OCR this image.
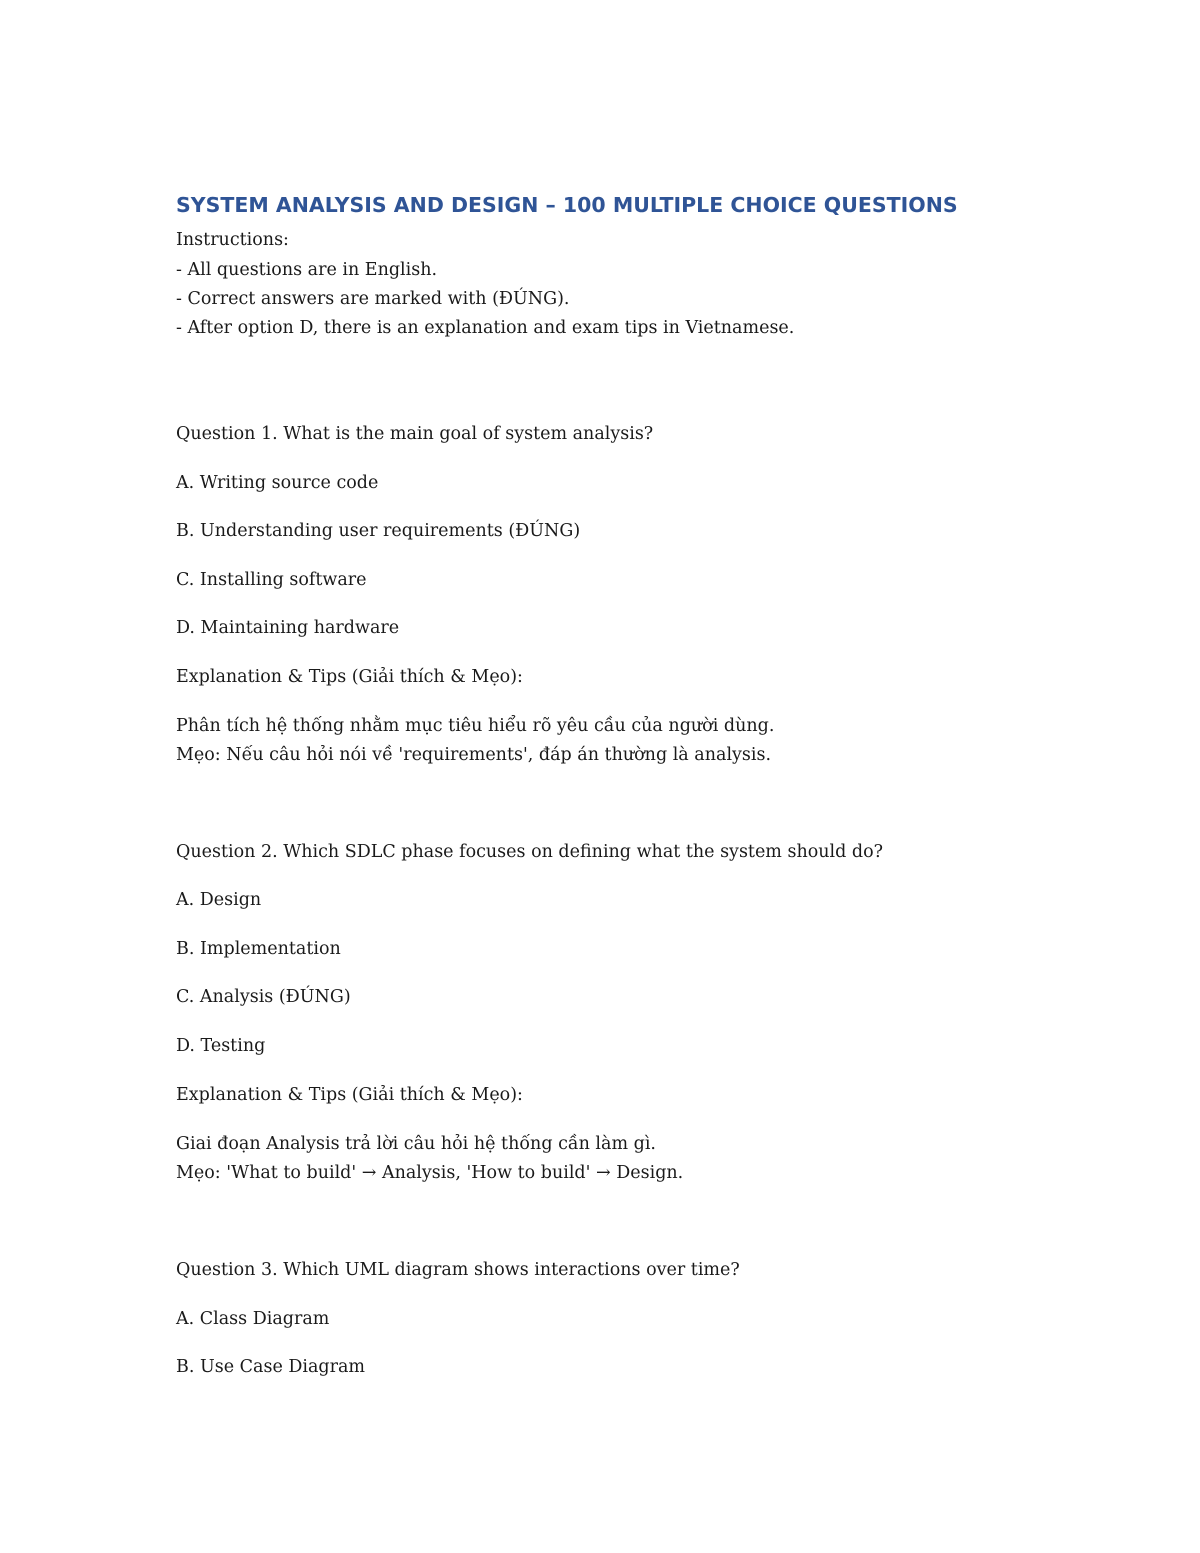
SYSTEM ANALYSIS AND DESIGN – 100 MULTIPLE CHOICE QUESTIONS
Instructions:
- All questions are in English.
- Correct answers are marked with (ĐÚNG).
- After option D, there is an explanation and exam tips in Vietnamese.
Question 1. What is the main goal of system analysis?
A. Writing source code
B. Understanding user requirements (ĐÚNG)
C. Installing software
D. Maintaining hardware
Explanation & Tips (Giải thích & Mẹo):
Phân tích hệ thống nhằm mục tiêu hiểu rõ yêu cầu của người dùng.
Mẹo: Nếu câu hỏi nói về 'requirements', đáp án thường là analysis.
Question 2. Which SDLC phase focuses on defining what the system should do?
A. Design
B. Implementation
C. Analysis (ĐÚNG)
D. Testing
Explanation & Tips (Giải thích & Mẹo):
Giai đoạn Analysis trả lời câu hỏi hệ thống cần làm gì.
Mẹo: 'What to build' → Analysis, 'How to build' → Design.
Question 3. Which UML diagram shows interactions over time?
A. Class Diagram
B. Use Case Diagram
